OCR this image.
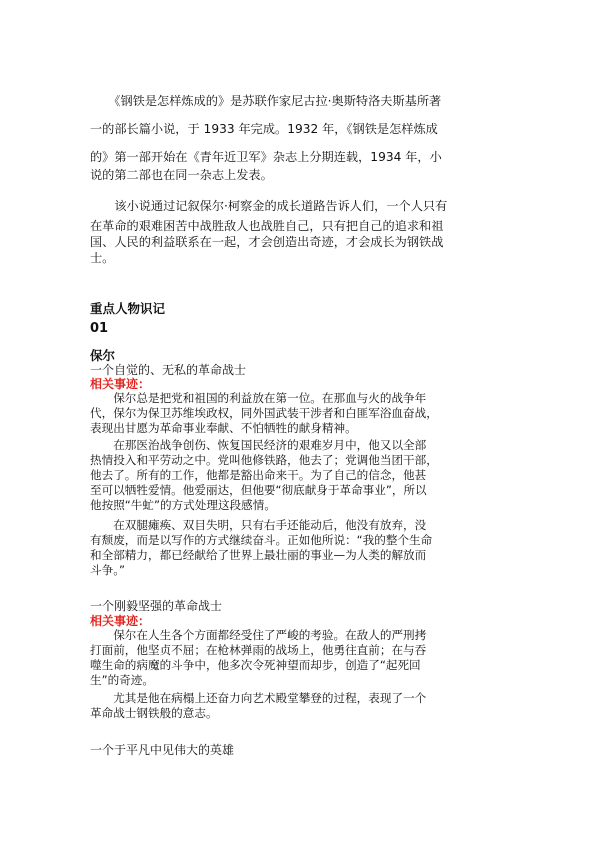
　　《钢铁是怎样炼成的》是苏联作家尼古拉·奥斯特洛夫斯基所著

一的部长篇小说，于 1933 年完成。1932 年，《钢铁是怎样炼成

的》第一部开始在《青年近卫军》杂志上分期连载，1934 年，小

说的第二部也在同一杂志上发表。

　　该小说通过记叙保尔·柯察金的成长道路告诉人们，一个人只有

在革命的艰难困苦中战胜敌人也战胜自己，只有把自己的追求和祖

国、人民的利益联系在一起，才会创造出奇迹，才会成长为钢铁战

士。

重点人物识记

01

保尔

一个自觉的、无私的革命战士

相关事迹：

　　保尔总是把党和祖国的利益放在第一位。在那血与火的战争年

代，保尔为保卫苏维埃政权，同外国武装干涉者和白匪军浴血奋战，

表现出甘愿为革命事业奉献、不怕牺牲的献身精神。

　　在那医治战争创伤、恢复国民经济的艰难岁月中，他又以全部

热情投入和平劳动之中。党叫他修铁路，他去了；党调他当团干部，

他去了。所有的工作，他都是豁出命来干。为了自己的信念，他甚

至可以牺牲爱情。他爱丽达，但他要“彻底献身于革命事业”，所以

他按照“牛虻”的方式处理这段感情。

　　在双腿瘫痪、双目失明，只有右手还能动后，他没有放弃，没

有颓废，而是以写作的方式继续奋斗。正如他所说：“我的整个生命

和全部精力，都已经献给了世界上最壮丽的事业—为人类的解放而

斗争。”

一个刚毅坚强的革命战士

相关事迹：

　　保尔在人生各个方面都经受住了严峻的考验。在敌人的严刑拷

打面前，他坚贞不屈；在枪林弹雨的战场上，他勇往直前；在与吞

噬生命的病魔的斗争中，他多次令死神望而却步，创造了“起死回

生”的奇迹。

　　尤其是他在病榻上还奋力向艺术殿堂攀登的过程，表现了一个

革命战士钢铁般的意志。

一个于平凡中见伟大的英雄
